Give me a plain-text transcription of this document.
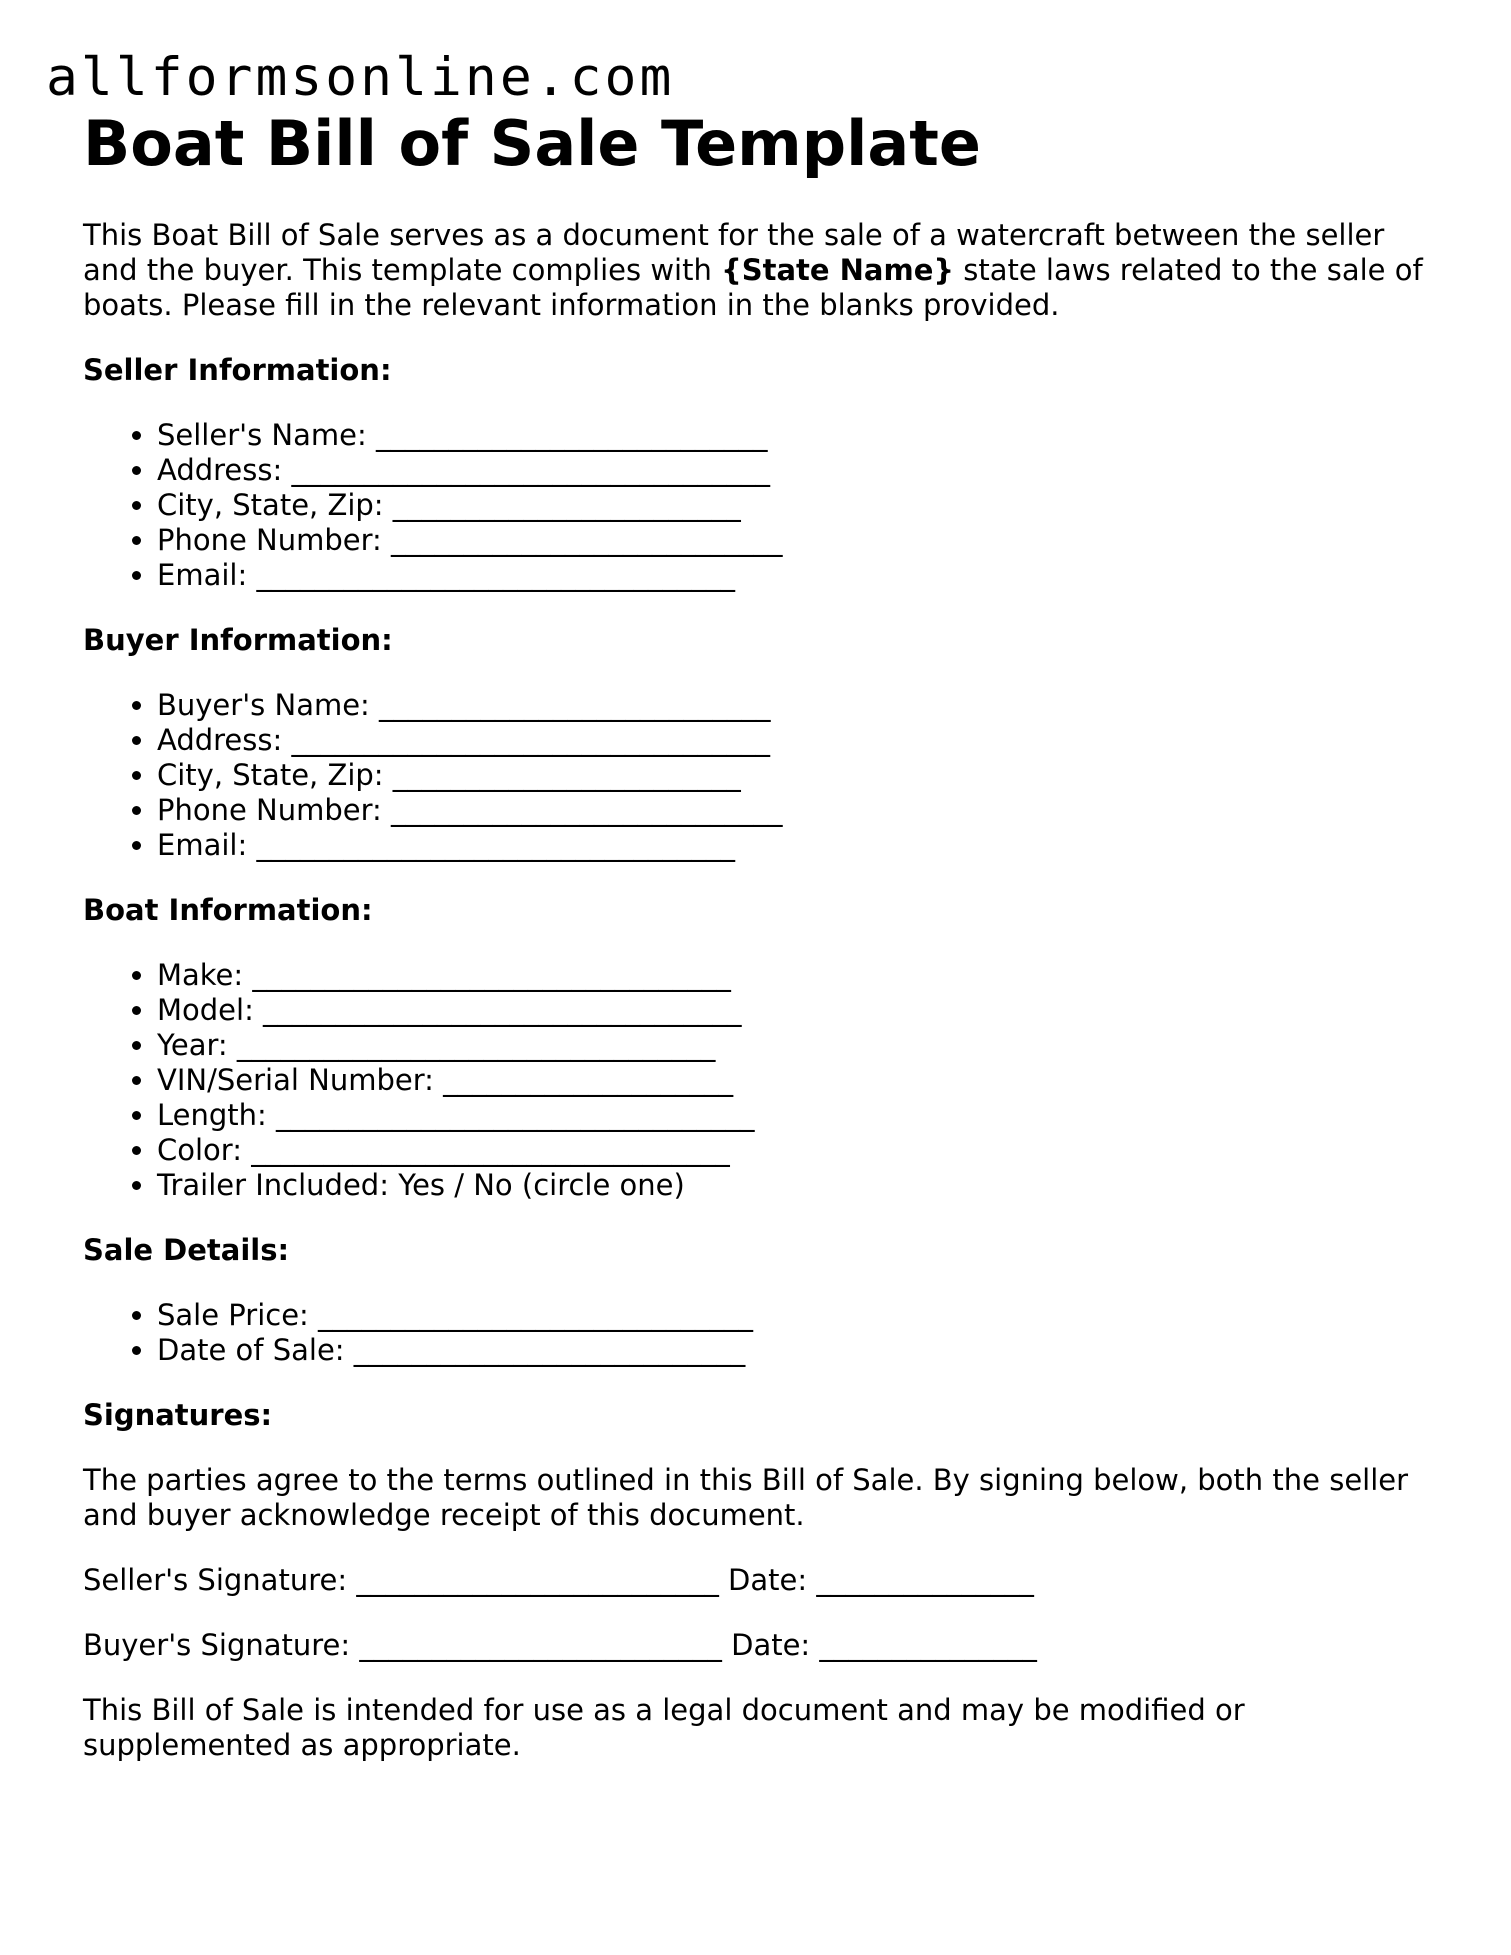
allformsonline.com
Boat Bill of Sale Template

This Boat Bill of Sale serves as a document for the sale of a watercraft between the seller and the buyer. This template complies with {State Name} state laws related to the sale of boats. Please fill in the relevant information in the blanks provided.

Seller Information:
• Seller's Name: ___________________________
• Address: _________________________________
• City, State, Zip: ________________________
• Phone Number: ___________________________
• Email: _________________________________
Buyer Information:
• Buyer's Name: ___________________________
• Address: _________________________________
• City, State, Zip: ________________________
• Phone Number: ___________________________
• Email: _________________________________
Boat Information:
• Make: _________________________________
• Model: _________________________________
• Year: _________________________________
• VIN/Serial Number: ____________________
• Length: _________________________________
• Color: _________________________________
• Trailer Included: Yes / No (circle one)
Sale Details:
• Sale Price: ______________________________
• Date of Sale: ___________________________
Signatures:

The parties agree to the terms outlined in this Bill of Sale. By signing below, both the seller and buyer acknowledge receipt of this document.

Seller's Signature: _________________________ Date: _______________

Buyer's Signature: _________________________ Date: _______________

This Bill of Sale is intended for use as a legal document and may be modified or supplemented as appropriate.
